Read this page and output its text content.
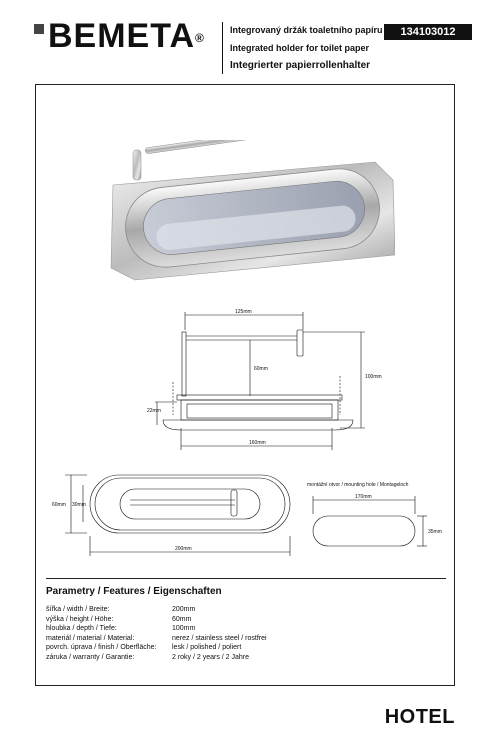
BEMETA®
Integrovaný držák toaletního papíru
Integrated holder for toilet paper
Integrierter papierrollenhalter
134103012
125mm
60mm
100mm
22mm
160mm
60mm 30mm
200mm
montážní otvor / mounting hole / Montageloch
170mm
35mm
Parametry / Features / Eigenschaften
šířka / width / Breite:	200mm
výška / height / Höhe:	60mm
hloubka / depth / Tiefe:	100mm
materiál / material / Material:	nerez / stainless steel / rostfrei
povrch. úprava / finish / Oberfläche:	lesk / polished / poliert
záruka / warranty / Garantie:	2 roky / 2 years / 2 Jahre
HOTEL
